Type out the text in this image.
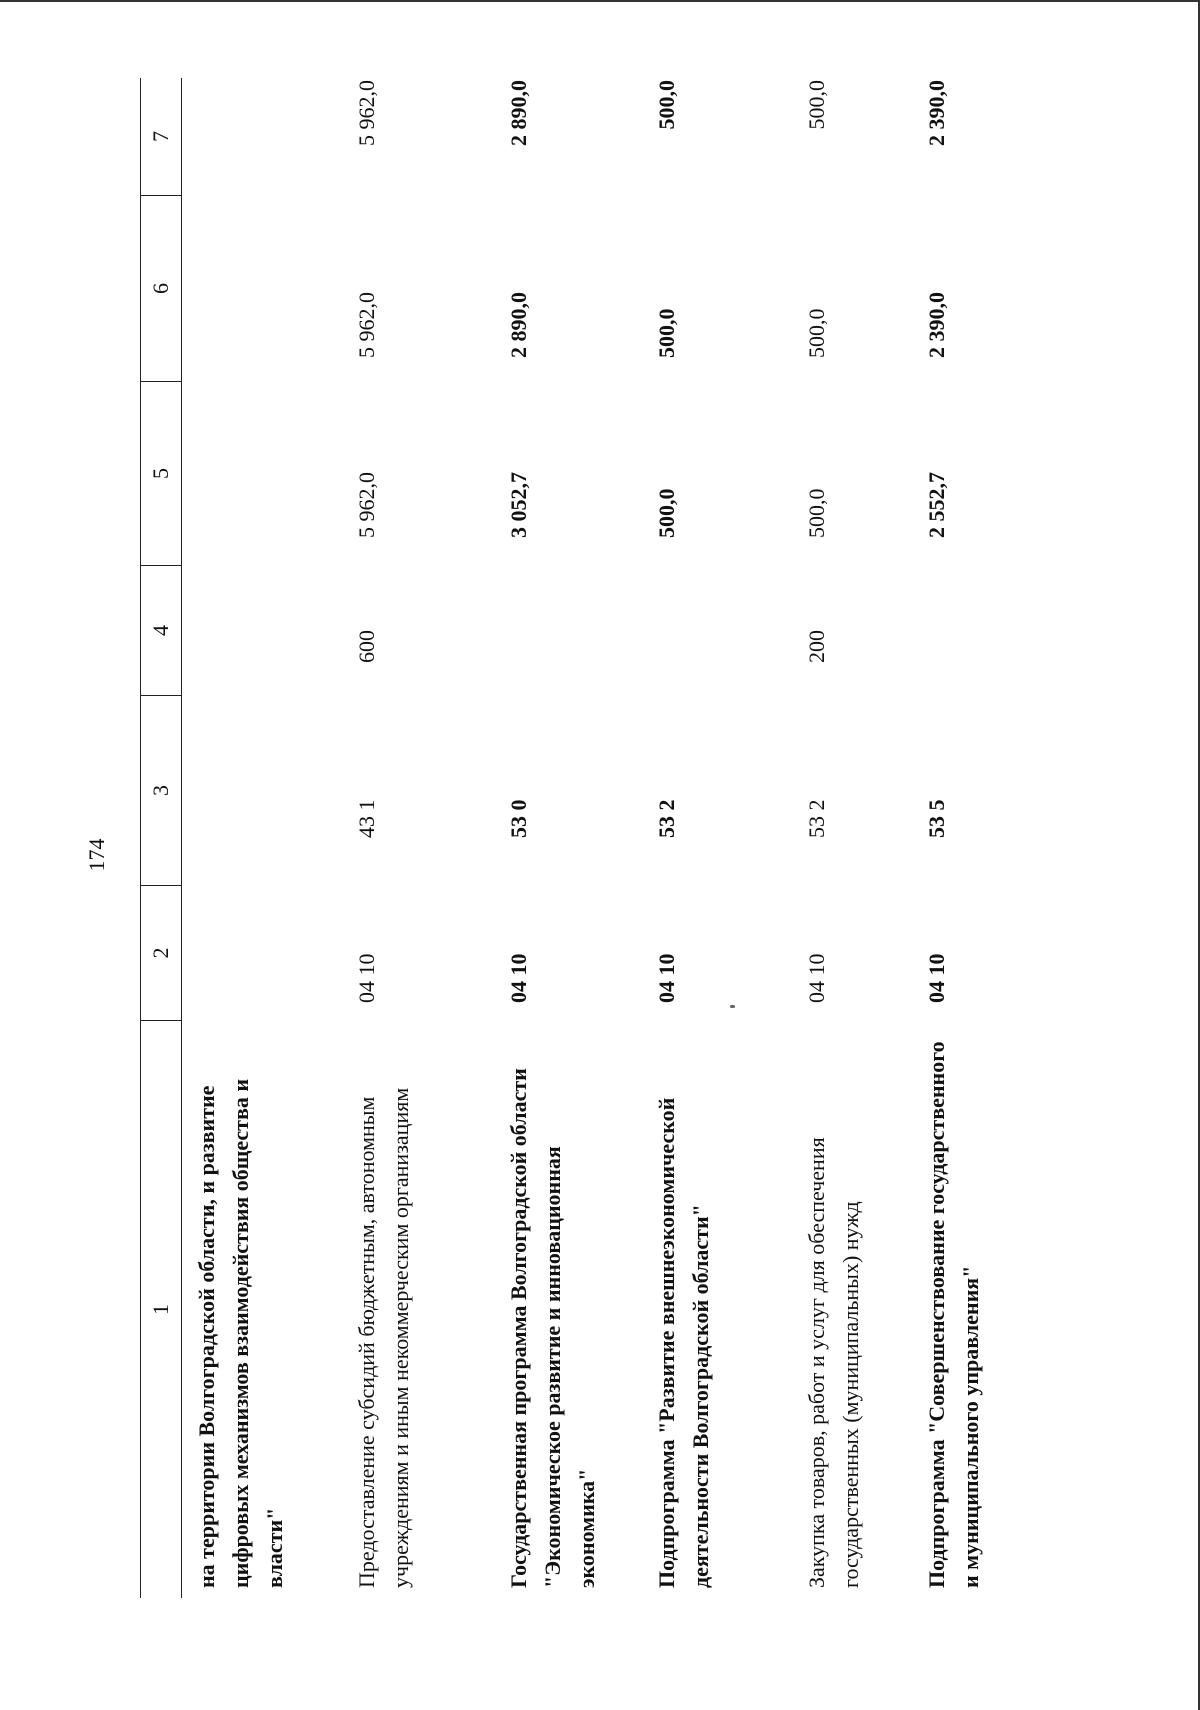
174
1
2
3
4
5
6
7
на территории Волгоградской области, и развитие цифровых механизмов взаимодействия общества и власти"	Предоставление субсидий бюджетным, автономным учреждениям и иным некоммерческим организациям
04 10
43 1
600
5 962,0
5 962,0
5 962,0
Государственная программа Волгоградской области "Экономическое развитие и инновационная экономика"
04 10
53 0
3 052,7
2 890,0
2 890,0
Подпрограмма "Развитие внешнеэкономической деятельности Волгоградской области"
04 10
53 2
500,0
500,0
500,0
Закупка товаров, работ и услуг для обеспечения государственных (муниципальных) нужд
04 10
53 2
200
500,0
500,0
500,0
Подпрограмма "Совершенствование государственного и муниципального управления"
04 10
53 5
2 552,7
2 390,0
2 390,0
